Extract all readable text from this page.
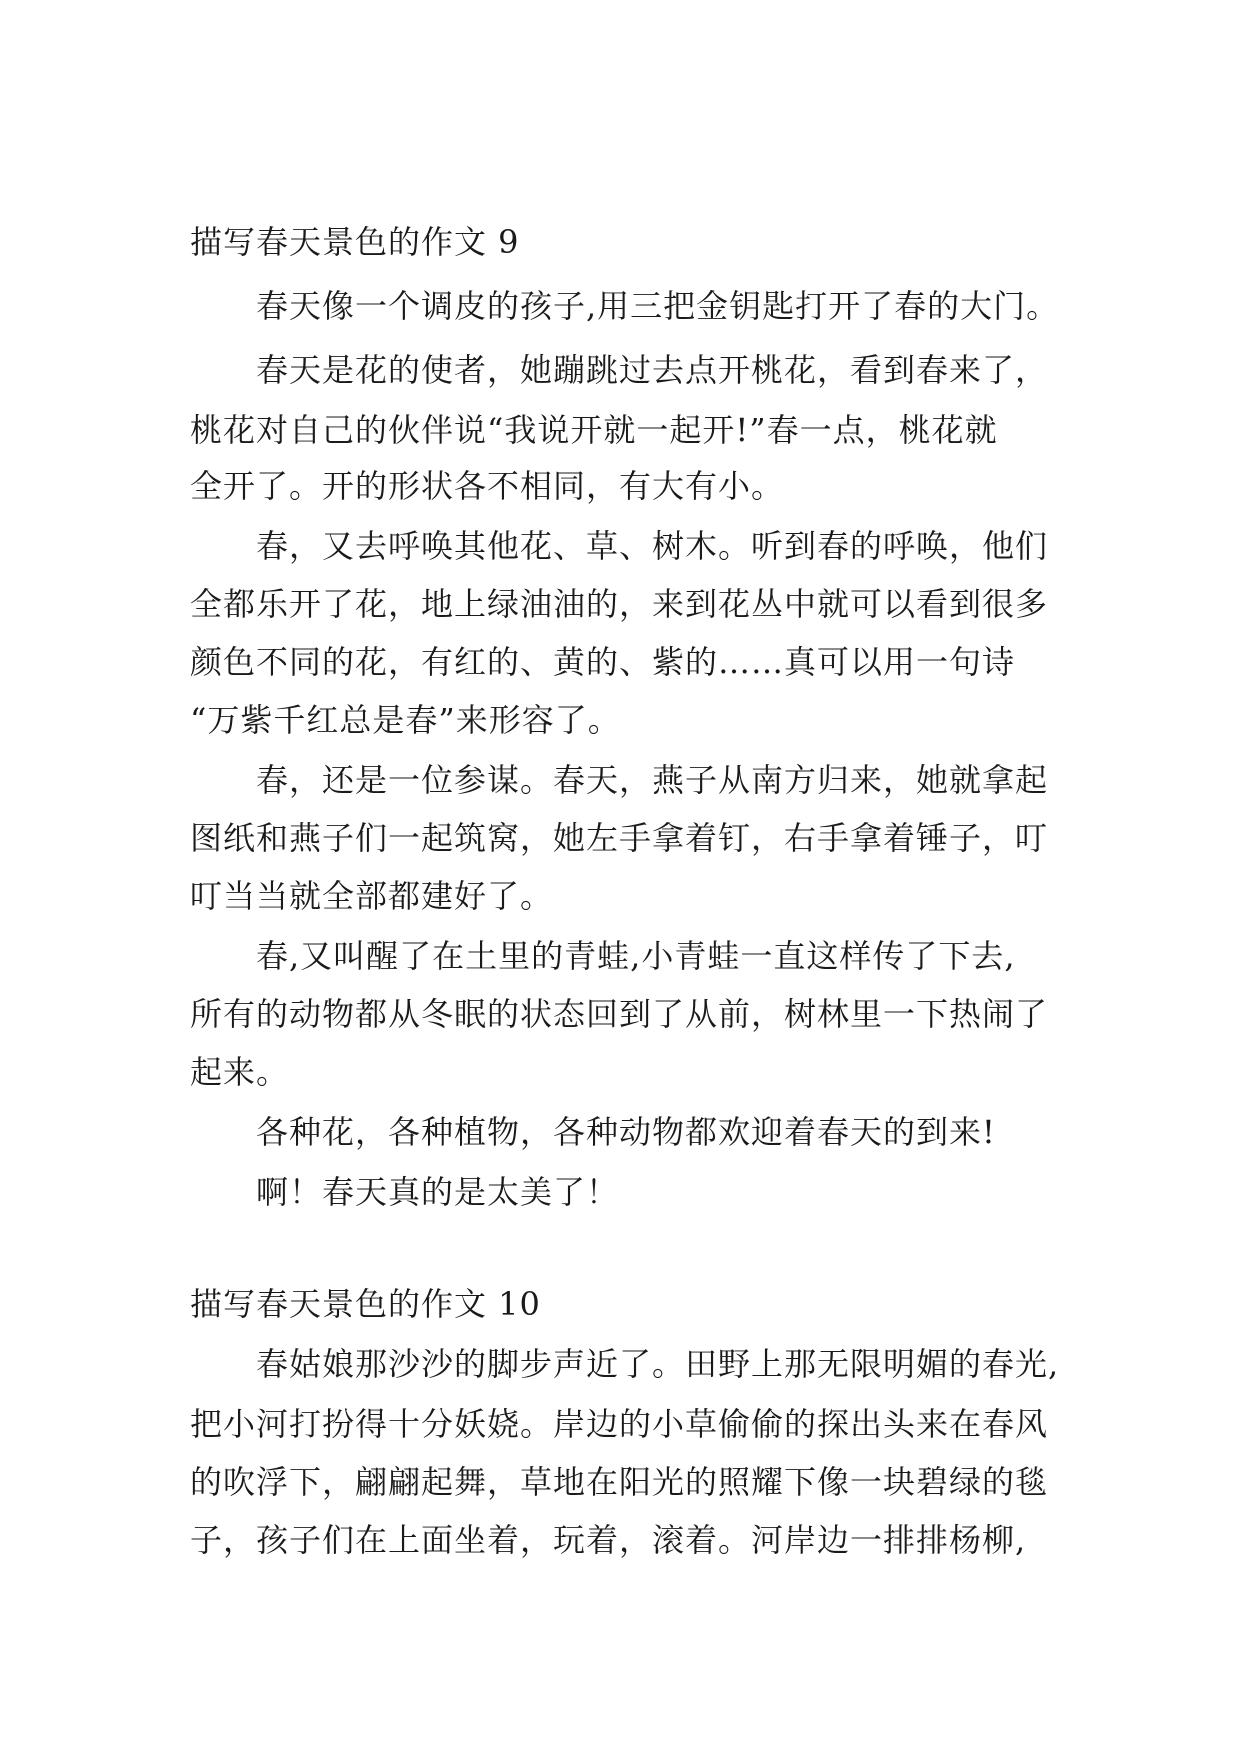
描写春天景色的作文 9
春天像一个调皮的孩子,用三把金钥匙打开了春的大门。
春天是花的使者，她蹦跳过去点开桃花，看到春来了，
桃花对自己的伙伴说“我说开就一起开!”春一点，桃花就
全开了。开的形状各不相同，有大有小。
春，又去呼唤其他花、草、树木。听到春的呼唤，他们
全都乐开了花，地上绿油油的，来到花丛中就可以看到很多
颜色不同的花，有红的、黄的、紫的……真可以用一句诗
“万紫千红总是春”来形容了。
春，还是一位参谋。春天，燕子从南方归来，她就拿起
图纸和燕子们一起筑窝，她左手拿着钉，右手拿着锤子，叮
叮当当就全部都建好了。
春,又叫醒了在土里的青蛙,小青蛙一直这样传了下去,
所有的动物都从冬眠的状态回到了从前，树林里一下热闹了
起来。
各种花，各种植物，各种动物都欢迎着春天的到来!
啊！春天真的是太美了！
描写春天景色的作文 10
春姑娘那沙沙的脚步声近了。田野上那无限明媚的春光,
把小河打扮得十分妖娆。岸边的小草偷偷的探出头来在春风
的吹浮下，翩翩起舞，草地在阳光的照耀下像一块碧绿的毯
子，孩子们在上面坐着，玩着，滚着。河岸边一排排杨柳,
